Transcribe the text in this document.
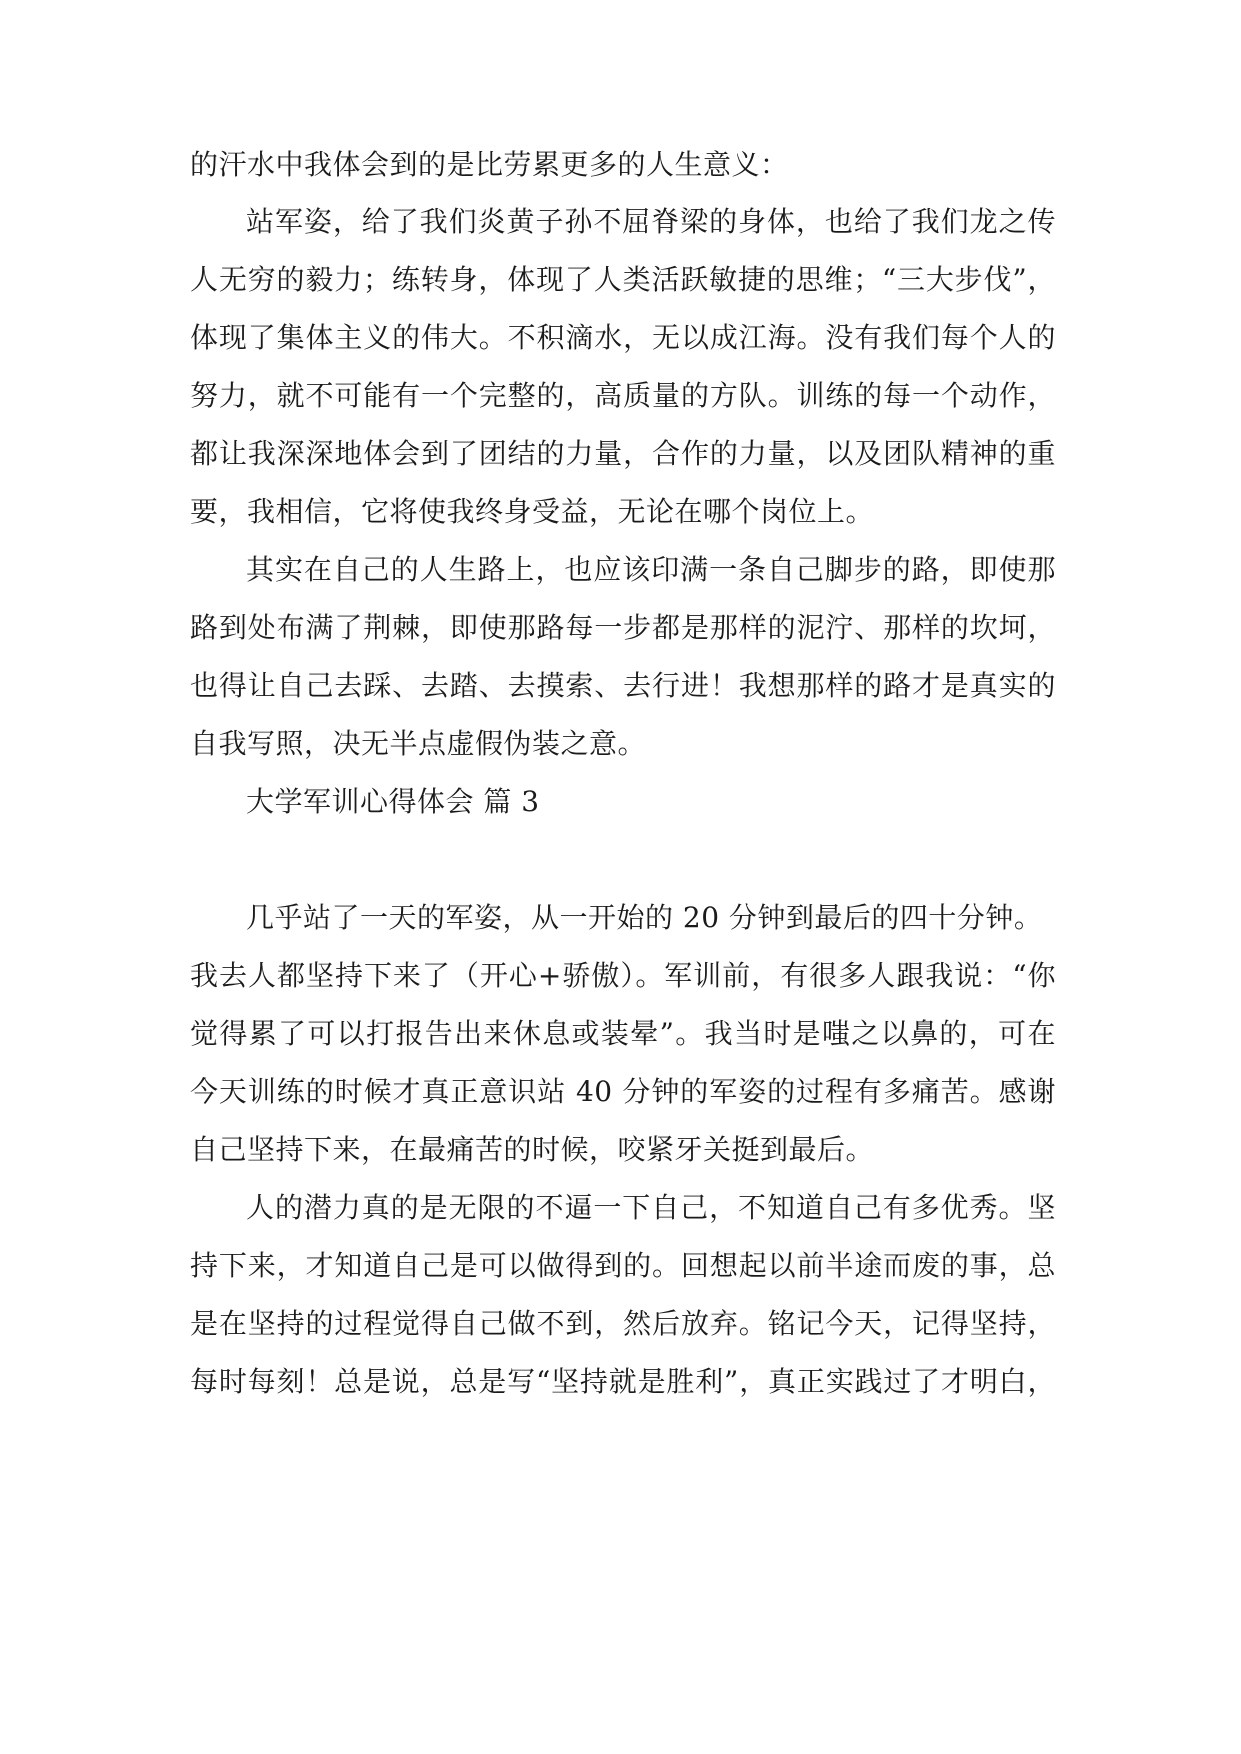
的汗水中我体会到的是比劳累更多的人生意义：
站军姿，给了我们炎黄子孙不屈脊梁的身体，也给了我们龙之传
人无穷的毅力；练转身，体现了人类活跃敏捷的思维；“三大步伐”，
体现了集体主义的伟大。不积滴水，无以成江海。没有我们每个人的
努力，就不可能有一个完整的，高质量的方队。训练的每一个动作，
都让我深深地体会到了团结的力量，合作的力量，以及团队精神的重
要，我相信，它将使我终身受益，无论在哪个岗位上。
其实在自己的人生路上，也应该印满一条自己脚步的路，即使那
路到处布满了荆棘，即使那路每一步都是那样的泥泞、那样的坎坷，
也得让自己去踩、去踏、去摸索、去行进！我想那样的路才是真实的
自我写照，决无半点虚假伪装之意。
大学军训心得体会 篇 3
几乎站了一天的军姿，从一开始的 20 分钟到最后的四十分钟。
我去人都坚持下来了（开心+骄傲）。军训前，有很多人跟我说：“你
觉得累了可以打报告出来休息或装晕”。我当时是嗤之以鼻的，可在
今天训练的时候才真正意识站 40 分钟的军姿的过程有多痛苦。感谢
自己坚持下来，在最痛苦的时候，咬紧牙关挺到最后。
人的潜力真的是无限的不逼一下自己，不知道自己有多优秀。坚
持下来，才知道自己是可以做得到的。回想起以前半途而废的事，总
是在坚持的过程觉得自己做不到，然后放弃。铭记今天，记得坚持，
每时每刻！总是说，总是写“坚持就是胜利”，真正实践过了才明白，
